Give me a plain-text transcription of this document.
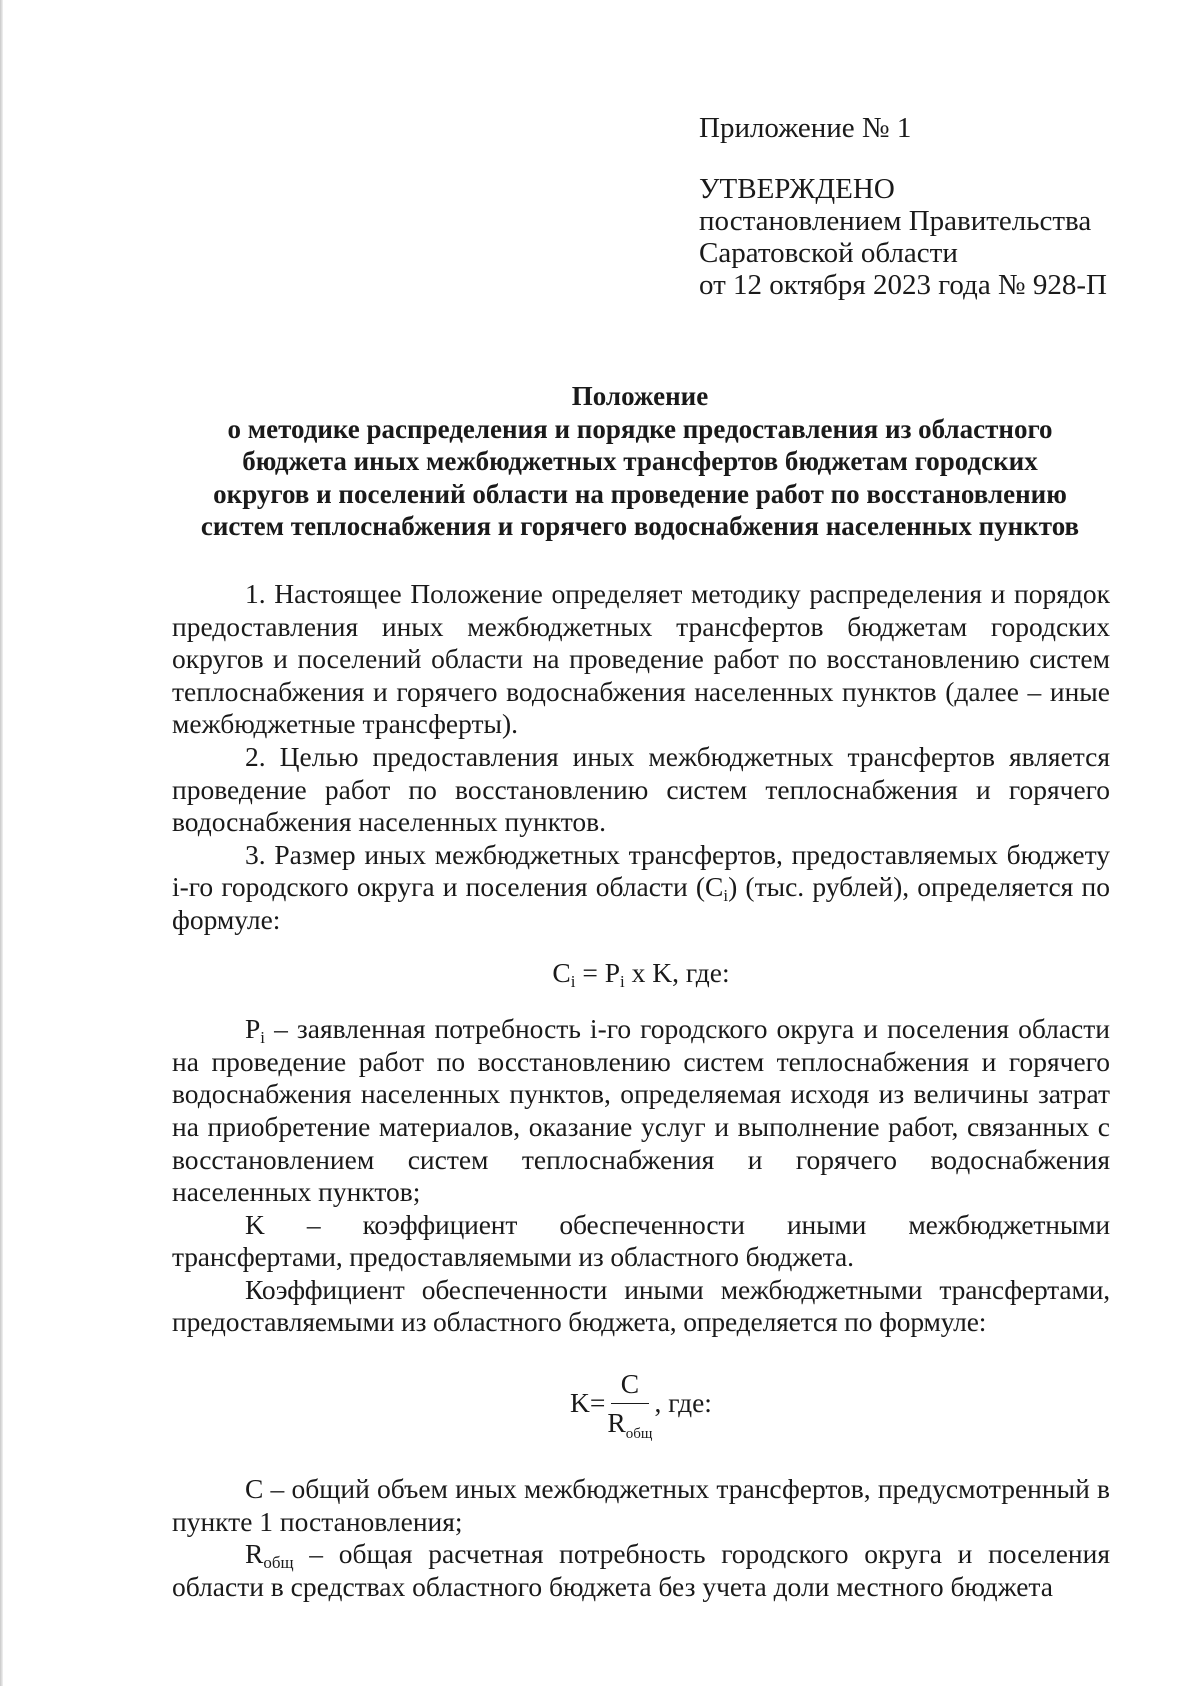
Приложение № 1
УТВЕРЖДЕНО
постановлением Правительства
Саратовской области
от 12 октября 2023 года № 928-П
Положение
о методике распределения и порядке предоставления из областного
бюджета иных межбюджетных трансфертов бюджетам городских
округов и поселений области на проведение работ по восстановлению
систем теплоснабжения и горячего водоснабжения населенных пунктов

1. Настоящее Положение определяет методику распределения и порядок предоставления иных межбюджетных трансфертов бюджетам городских округов и поселений области на проведение работ по восстановлению систем теплоснабжения и горячего водоснабжения населенных пунктов (далее – иные межбюджетные трансферты).

2. Целью предоставления иных межбюджетных трансфертов является проведение работ по восстановлению систем теплоснабжения и горячего водоснабжения населенных пунктов.

3. Размер иных межбюджетных трансфертов, предоставляемых бюджету i-го городского округа и поселения области $(C_i)$ (тыс. рублей), определяется по формуле:

$C_i = P_i$ x K, где:

$P_i$ – заявленная потребность i-го городского округа и поселения области на проведение работ по восстановлению систем теплоснабжения и горячего водоснабжения населенных пунктов, определяемая исходя из величины затрат на приобретение материалов, оказание услуг и выполнение работ, связанных с восстановлением систем теплоснабжения и горячего водоснабжения населенных пунктов;

K – коэффициент обеспеченности иными межбюджетными трансфертами, предоставляемыми из областного бюджета.

Коэффициент обеспеченности иными межбюджетными трансфертами, предоставляемыми из областного бюджета, определяется по формуле:

$K= \frac{C}{R_{общ}}$ , где:

C – общий объем иных межбюджетных трансфертов, предусмотренный в пункте 1 постановления;

$R_{общ}$ – общая расчетная потребность городского округа и поселения области в средствах областного бюджета без учета доли местного бюджета
